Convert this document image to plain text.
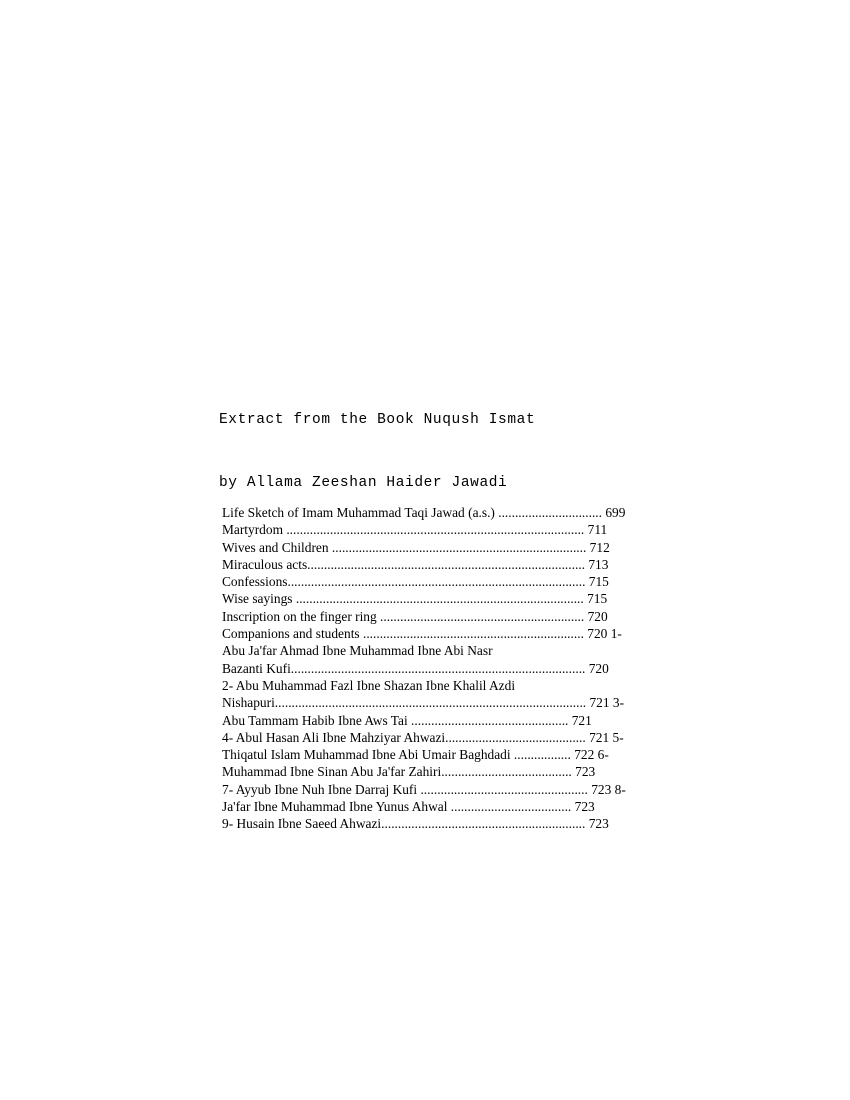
Extract from the Book Nuqush Ismat

by Allama Zeeshan Haider Jawadi

Life Sketch of Imam Muhammad Taqi Jawad (a.s.) ............................... 699
Martyrdom ......................................................................................... 711
Wives and Children ............................................................................ 712
Miraculous acts................................................................................... 713
Confessions......................................................................................... 715
Wise sayings ...................................................................................... 715
Inscription on the finger ring ............................................................. 720
Companions and students .................................................................. 720 1-
Abu Ja'far Ahmad Ibne Muhammad Ibne Abi Nasr
Bazanti Kufi........................................................................................ 720
2- Abu Muhammad Fazl Ibne Shazan Ibne Khalil Azdi
Nishapuri............................................................................................. 721 3-
Abu Tammam Habib Ibne Aws Tai ............................................... 721
4- Abul Hasan Ali Ibne Mahziyar Ahwazi.......................................... 721 5-
Thiqatul Islam Muhammad Ibne Abi Umair Baghdadi ................. 722 6-
Muhammad Ibne Sinan Abu Ja'far Zahiri....................................... 723
7- Ayyub Ibne Nuh Ibne Darraj Kufi .................................................. 723 8-
Ja'far Ibne Muhammad Ibne Yunus Ahwal .................................... 723
9- Husain Ibne Saeed Ahwazi............................................................. 723
